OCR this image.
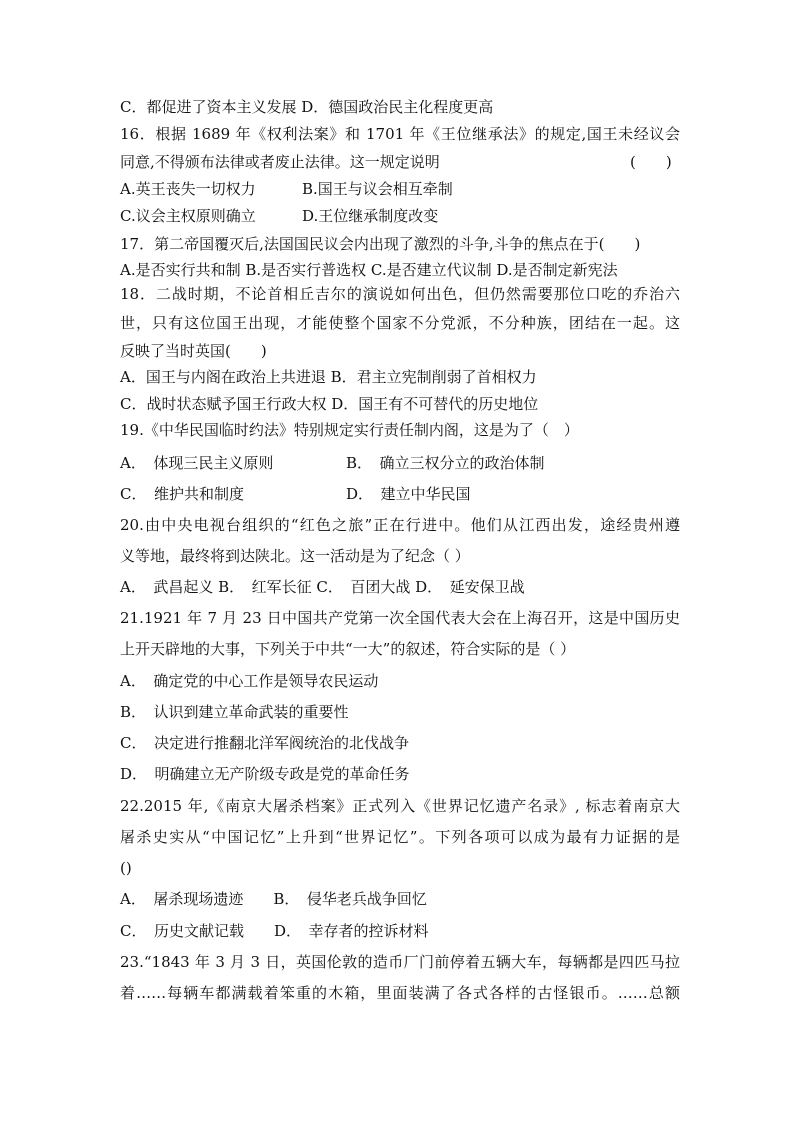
C．都促进了资本主义发展 D．德国政治民主化程度更高
16．根据 1689 年《权利法案》和 1701 年《王位继承法》的规定,国王未经议会
同意,不得颁布法律或者废止法律。这一规定说明	(　　)
A.英王丧失一切权力	B.国王与议会相互牵制
C.议会主权原则确立	D.王位继承制度改变
17．第二帝国覆灭后,法国国民议会内出现了激烈的斗争,斗争的焦点在于(　　)
A.是否实行共和制 B.是否实行普选权 C.是否建立代议制 D.是否制定新宪法
18．二战时期，不论首相丘吉尔的演说如何出色，但仍然需要那位口吃的乔治六
世，只有这位国王出现，才能使整个国家不分党派，不分种族，团结在一起。这
反映了当时英国(　　)
A．国王与内阁在政治上共进退 B．君主立宪制削弱了首相权力
C．战时状态赋予国王行政大权 D．国王有不可替代的历史地位
19.《中华民国临时约法》特别规定实行责任制内阁，这是为了（　）
A．　体现三民主义原则	B．　确立三权分立的政治体制
C．　维护共和制度	D．　建立中华民国
20.由中央电视台组织的“红色之旅”正在行进中。他们从江西出发，途经贵州遵
义等地，最终将到达陕北。这一活动是为了纪念（ ）
A．　武昌起义 B．　红军长征 C．　百团大战 D．　延安保卫战
21.1921 年 7 月 23 日中国共产党第一次全国代表大会在上海召开，这是中国历史
上开天辟地的大事，下列关于中共“一大”的叙述，符合实际的是（ ）
A．　确定党的中心工作是领导农民运动
B．　认识到建立革命武装的重要性
C．　决定进行推翻北洋军阀统治的北伐战争
D．　明确建立无产阶级专政是党的革命任务
22.2015 年,《南京大屠杀档案》正式列入《世界记忆遗产名录》, 标志着南京大
屠杀史实从“中国记忆”上升到“世界记忆”。下列各项可以成为最有力证据的是
()
A．　屠杀现场遗迹　　B．　侵华老兵战争回忆
C．　历史文献记载　　D．　幸存者的控诉材料
23.“1843 年 3 月 3 日，英国伦敦的造币厂门前停着五辆大车，每辆都是四匹马拉
着……每辆车都满载着笨重的木箱，里面装满了各式各样的古怪银币。……总额
